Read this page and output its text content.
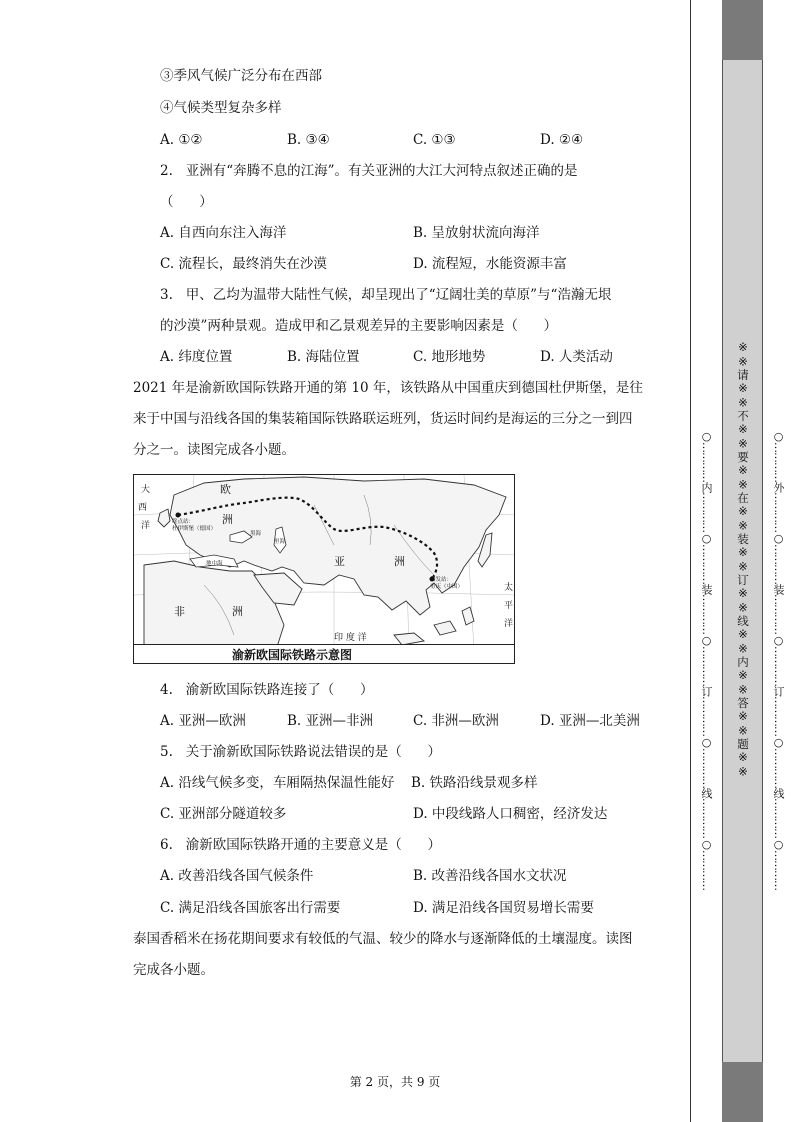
③季风气候广泛分布在西部
④气候类型复杂多样
A. ①②	B. ③④	C. ①③	D. ②④
2.   亚洲有“奔腾不息的江海”。有关亚洲的大江大河特点叙述正确的是
（      ）
A. 自西向东注入海洋	B. 呈放射状流向海洋
C. 流程长，最终消失在沙漠	D. 流程短，水能资源丰富
3.   甲、乙均为温带大陆性气候，却呈现出了“辽阔壮美的草原”与“浩瀚无垠
的沙漠”两种景观。造成甲和乙景观差异的主要影响因素是（      ）
A. 纬度位置	B. 海陆位置	C. 地形地势	D. 人类活动
2021 年是渝新欧国际铁路开通的第 10 年，该铁路从中国重庆到德国杜伊斯堡，是往
来于中国与沿线各国的集装箱国际铁路联运班列，货运时间约是海运的三分之一到四
分之一。读图完成各小题。
大
西
洋
欧
洲
亚	洲
非	洲
印 度 洋
太
平
洋
地中海
黑海
里海
终点站：
杜伊斯堡（德国）
始发站：
重庆（中国）
渝新欧国际铁路示意图
4.   渝新欧国际铁路连接了（      ）
A. 亚洲—欧洲	B. 亚洲—非洲	C. 非洲—欧洲	D. 亚洲—北美洲
5.   关于渝新欧国际铁路说法错误的是（      ）
A. 沿线气候多变，车厢隔热保温性能好 B. 铁路沿线景观多样
C. 亚洲部分隧道较多	D. 中段线路人口稠密，经济发达
6.   渝新欧国际铁路开通的主要意义是（      ）
A. 改善沿线各国气候条件	B. 改善沿线各国水文状况
C. 满足沿线各国旅客出行需要	D. 满足沿线各国贸易增长需要
泰国香稻米在扬花期间要求有较低的气温、较少的降水与逐渐降低的土壤湿度。读图
完成各小题。
第 2 页，共 9 页
※※请※※不※※要※※在※※装※※订※※线※※内※※答※※题※※
○…………内…………○…………装…………○…………订…………○…………线…………○…………	○…………外…………○…………装…………○…………订…………○…………线…………○…………
